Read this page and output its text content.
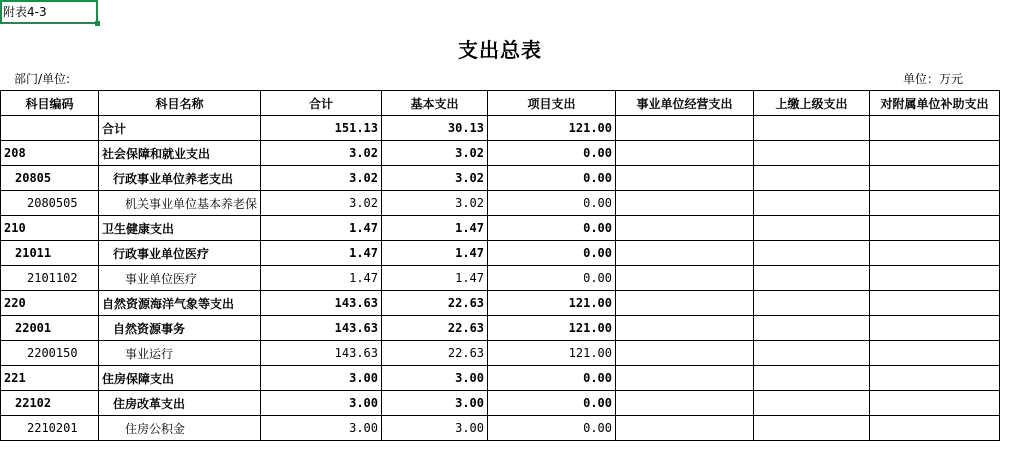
附表4-3
支出总表
部门/单位:	单位：万元
科目编码	科目名称	合计	基本支出	项目支出	事业单位经营支出	上缴上级支出	对附属单位补助支出
	合计	151.13	30.13	121.00			
208	社会保障和就业支出	3.02	3.02	0.00			
20805	行政事业单位养老支出	3.02	3.02	0.00			
2080505	机关事业单位基本养老保	3.02	3.02	0.00			
210	卫生健康支出	1.47	1.47	0.00			
21011	行政事业单位医疗	1.47	1.47	0.00			
2101102	事业单位医疗	1.47	1.47	0.00			
220	自然资源海洋气象等支出	143.63	22.63	121.00			
22001	自然资源事务	143.63	22.63	121.00			
2200150	事业运行	143.63	22.63	121.00			
221	住房保障支出	3.00	3.00	0.00			
22102	住房改革支出	3.00	3.00	0.00			
2210201	住房公积金	3.00	3.00	0.00			
